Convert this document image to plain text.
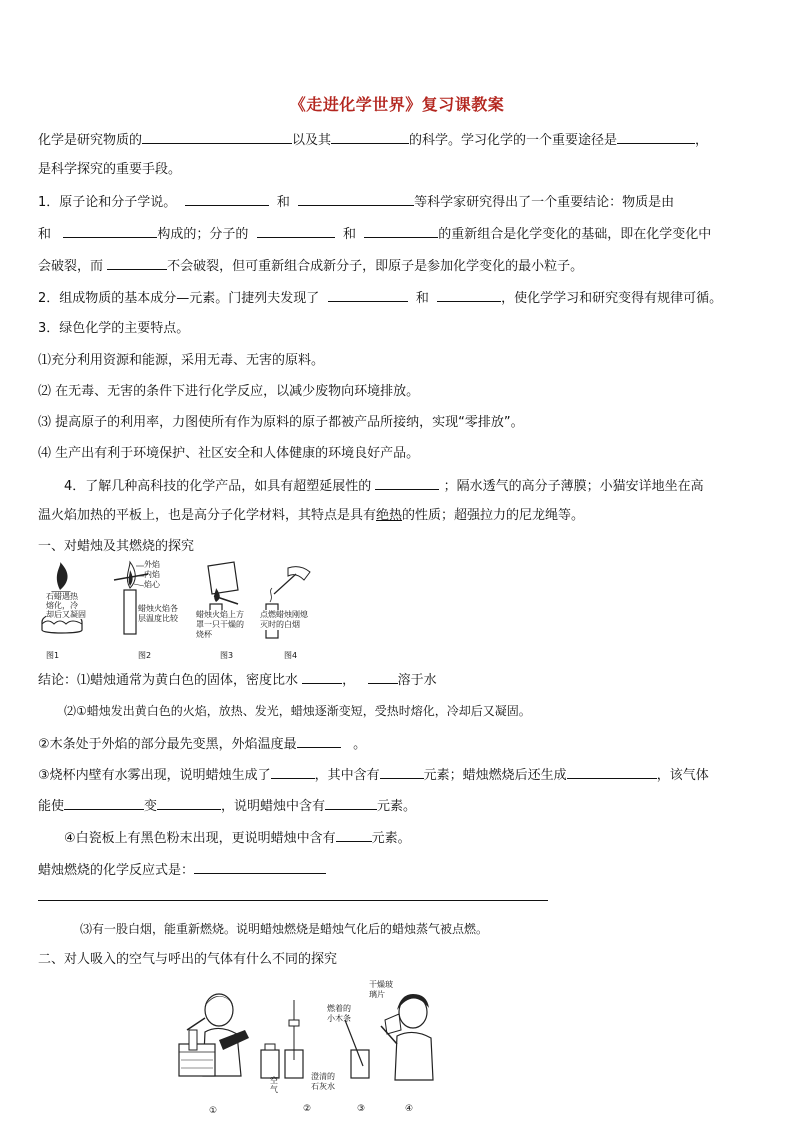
《走进化学世界》复习课教案
化学是研究物质的	以及其	的科学。学习化学的一个重要途径是	，
是科学探究的重要手段。
1．原子论和分子学说。	和	等科学家研究得出了一个重要结论：物质是由
和	构成的；分子的	和	的重新组合是化学变化的基础，即在化学变化中
会破裂，而	不会破裂，但可重新组合成新分子，即原子是参加化学变化的最小粒子。
2．组成物质的基本成分—元素。门捷列夫发现了	和	，使化学学习和研究变得有规律可循。
3．绿色化学的主要特点。
⑴充分利用资源和能源，采用无毒、无害的原料。
⑵ 在无毒、无害的条件下进行化学反应，以减少废物向环境排放。
⑶ 提高原子的利用率，力图使所有作为原料的原子都被产品所接纳，实现“零排放”。
⑷ 生产出有利于环境保护、社区安全和人体健康的环境良好产品。
4．了解几种高科技的化学产品，如具有超塑延展性的	；隔水透气的高分子薄膜；小猫安详地坐在高
温火焰加热的平板上，也是高分子化学材料，其特点是具有绝热的性质；超强拉力的尼龙绳等。
一、对蜡烛及其燃烧的探究
石蜡遇热
熔化，冷
却后又凝固
外焰
内焰
焰心
蜡烛火焰各
层温度比较 蜡烛火焰上方
罩一只干燥的
烧杯
点燃蜡烛刚熄
灭时的白烟
图1	图2	图3	图4
结论：⑴蜡烛通常为黄白色的固体，密度比水	，	溶于水
⑵①蜡烛发出黄白色的火焰，放热、发光，蜡烛逐渐变短，受热时熔化，冷却后又凝固。
②木条处于外焰的部分最先变黑，外焰温度最	。
③烧杯内壁有水雾出现，说明蜡烛生成了	，其中含有	元素；蜡烛燃烧后还生成	，该气体
能使	变	，说明蜡烛中含有	元素。
④白瓷板上有黑色粉末出现，更说明蜡烛中含有	元素。
蜡烛燃烧的化学反应式是：
⑶有一股白烟，能重新燃烧。说明蜡烛燃烧是蜡烛气化后的蜡烛蒸气被点燃。
二、对人吸入的空气与呼出的气体有什么不同的探究
空
气
澄清的
石灰水
燃着的
小木条
干燥玻
璃片
①	②	③	④
